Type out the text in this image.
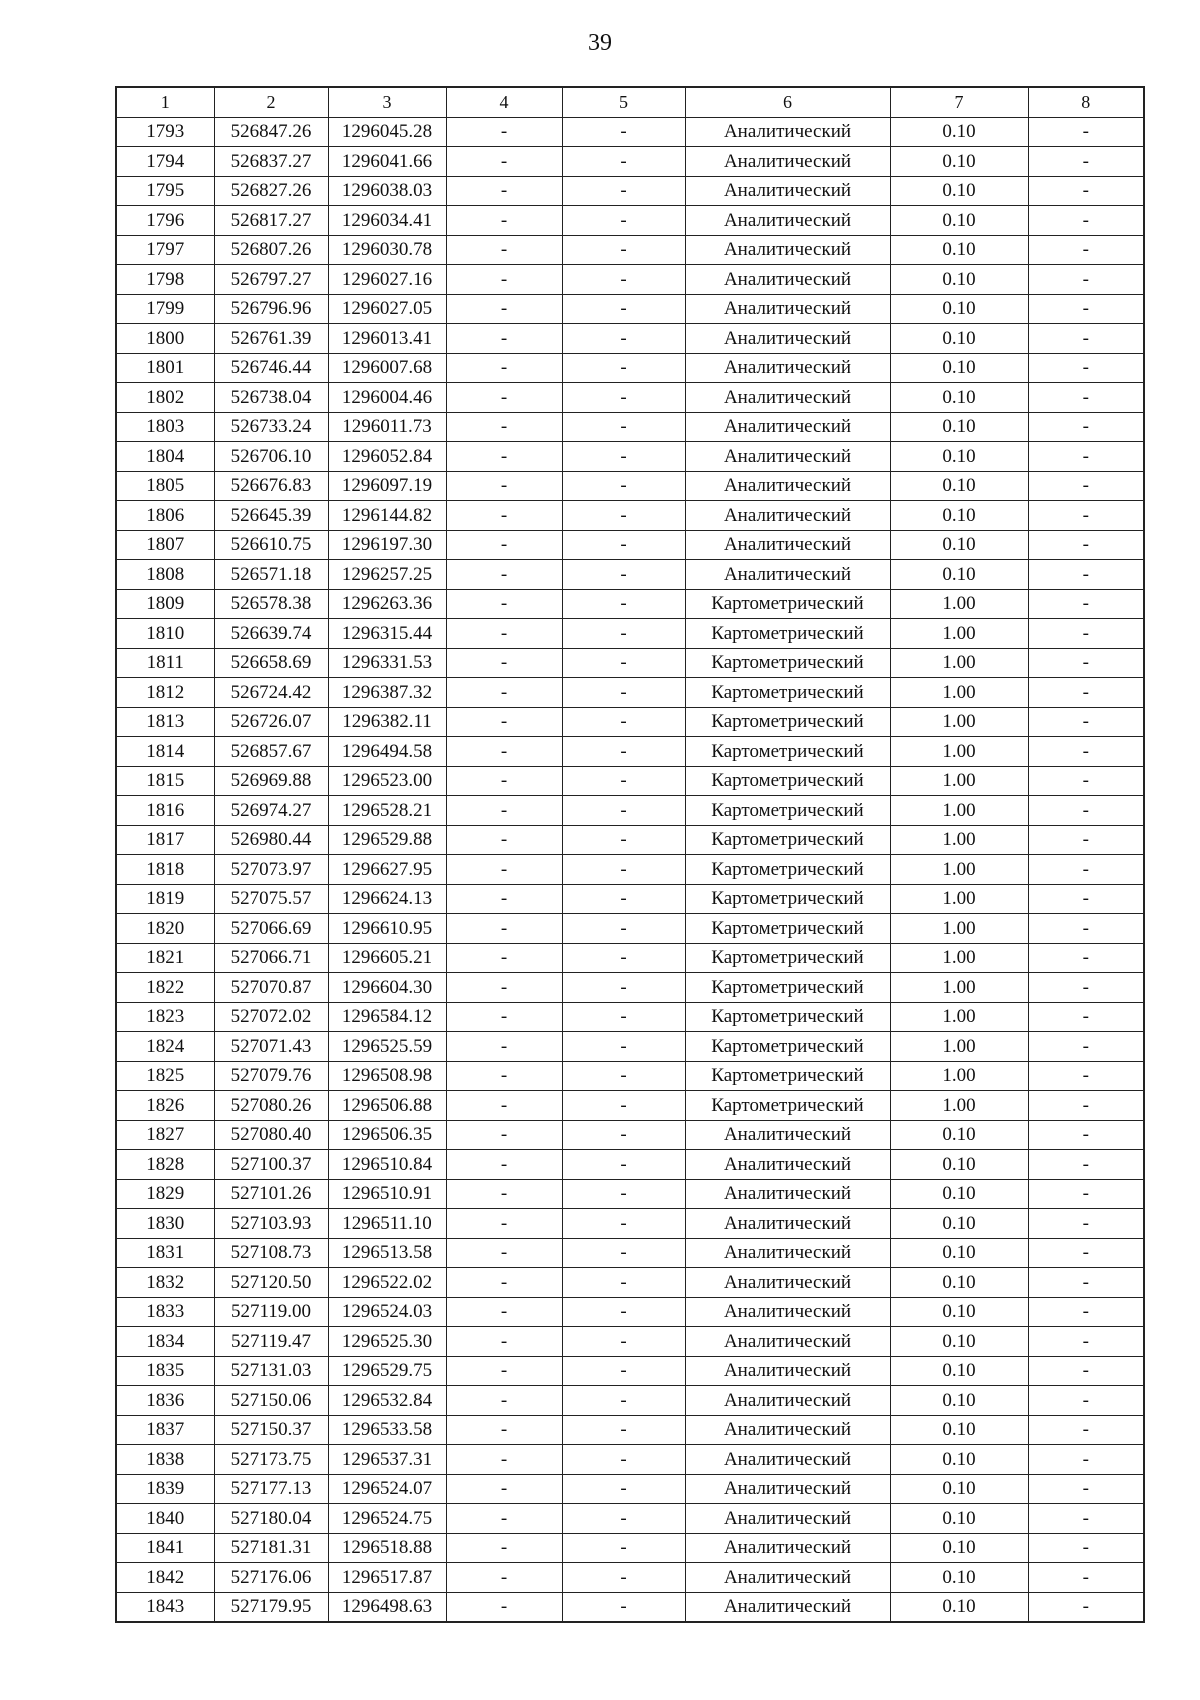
39
1	2	3	4	5	6	7	8
1793	526847.26	1296045.28	-	-	Аналитический	0.10	-
1794	526837.27	1296041.66	-	-	Аналитический	0.10	-
1795	526827.26	1296038.03	-	-	Аналитический	0.10	-
1796	526817.27	1296034.41	-	-	Аналитический	0.10	-
1797	526807.26	1296030.78	-	-	Аналитический	0.10	-
1798	526797.27	1296027.16	-	-	Аналитический	0.10	-
1799	526796.96	1296027.05	-	-	Аналитический	0.10	-
1800	526761.39	1296013.41	-	-	Аналитический	0.10	-
1801	526746.44	1296007.68	-	-	Аналитический	0.10	-
1802	526738.04	1296004.46	-	-	Аналитический	0.10	-
1803	526733.24	1296011.73	-	-	Аналитический	0.10	-
1804	526706.10	1296052.84	-	-	Аналитический	0.10	-
1805	526676.83	1296097.19	-	-	Аналитический	0.10	-
1806	526645.39	1296144.82	-	-	Аналитический	0.10	-
1807	526610.75	1296197.30	-	-	Аналитический	0.10	-
1808	526571.18	1296257.25	-	-	Аналитический	0.10	-
1809	526578.38	1296263.36	-	-	Картометрический	1.00	-
1810	526639.74	1296315.44	-	-	Картометрический	1.00	-
1811	526658.69	1296331.53	-	-	Картометрический	1.00	-
1812	526724.42	1296387.32	-	-	Картометрический	1.00	-
1813	526726.07	1296382.11	-	-	Картометрический	1.00	-
1814	526857.67	1296494.58	-	-	Картометрический	1.00	-
1815	526969.88	1296523.00	-	-	Картометрический	1.00	-
1816	526974.27	1296528.21	-	-	Картометрический	1.00	-
1817	526980.44	1296529.88	-	-	Картометрический	1.00	-
1818	527073.97	1296627.95	-	-	Картометрический	1.00	-
1819	527075.57	1296624.13	-	-	Картометрический	1.00	-
1820	527066.69	1296610.95	-	-	Картометрический	1.00	-
1821	527066.71	1296605.21	-	-	Картометрический	1.00	-
1822	527070.87	1296604.30	-	-	Картометрический	1.00	-
1823	527072.02	1296584.12	-	-	Картометрический	1.00	-
1824	527071.43	1296525.59	-	-	Картометрический	1.00	-
1825	527079.76	1296508.98	-	-	Картометрический	1.00	-
1826	527080.26	1296506.88	-	-	Картометрический	1.00	-
1827	527080.40	1296506.35	-	-	Аналитический	0.10	-
1828	527100.37	1296510.84	-	-	Аналитический	0.10	-
1829	527101.26	1296510.91	-	-	Аналитический	0.10	-
1830	527103.93	1296511.10	-	-	Аналитический	0.10	-
1831	527108.73	1296513.58	-	-	Аналитический	0.10	-
1832	527120.50	1296522.02	-	-	Аналитический	0.10	-
1833	527119.00	1296524.03	-	-	Аналитический	0.10	-
1834	527119.47	1296525.30	-	-	Аналитический	0.10	-
1835	527131.03	1296529.75	-	-	Аналитический	0.10	-
1836	527150.06	1296532.84	-	-	Аналитический	0.10	-
1837	527150.37	1296533.58	-	-	Аналитический	0.10	-
1838	527173.75	1296537.31	-	-	Аналитический	0.10	-
1839	527177.13	1296524.07	-	-	Аналитический	0.10	-
1840	527180.04	1296524.75	-	-	Аналитический	0.10	-
1841	527181.31	1296518.88	-	-	Аналитический	0.10	-
1842	527176.06	1296517.87	-	-	Аналитический	0.10	-
1843	527179.95	1296498.63	-	-	Аналитический	0.10	-
